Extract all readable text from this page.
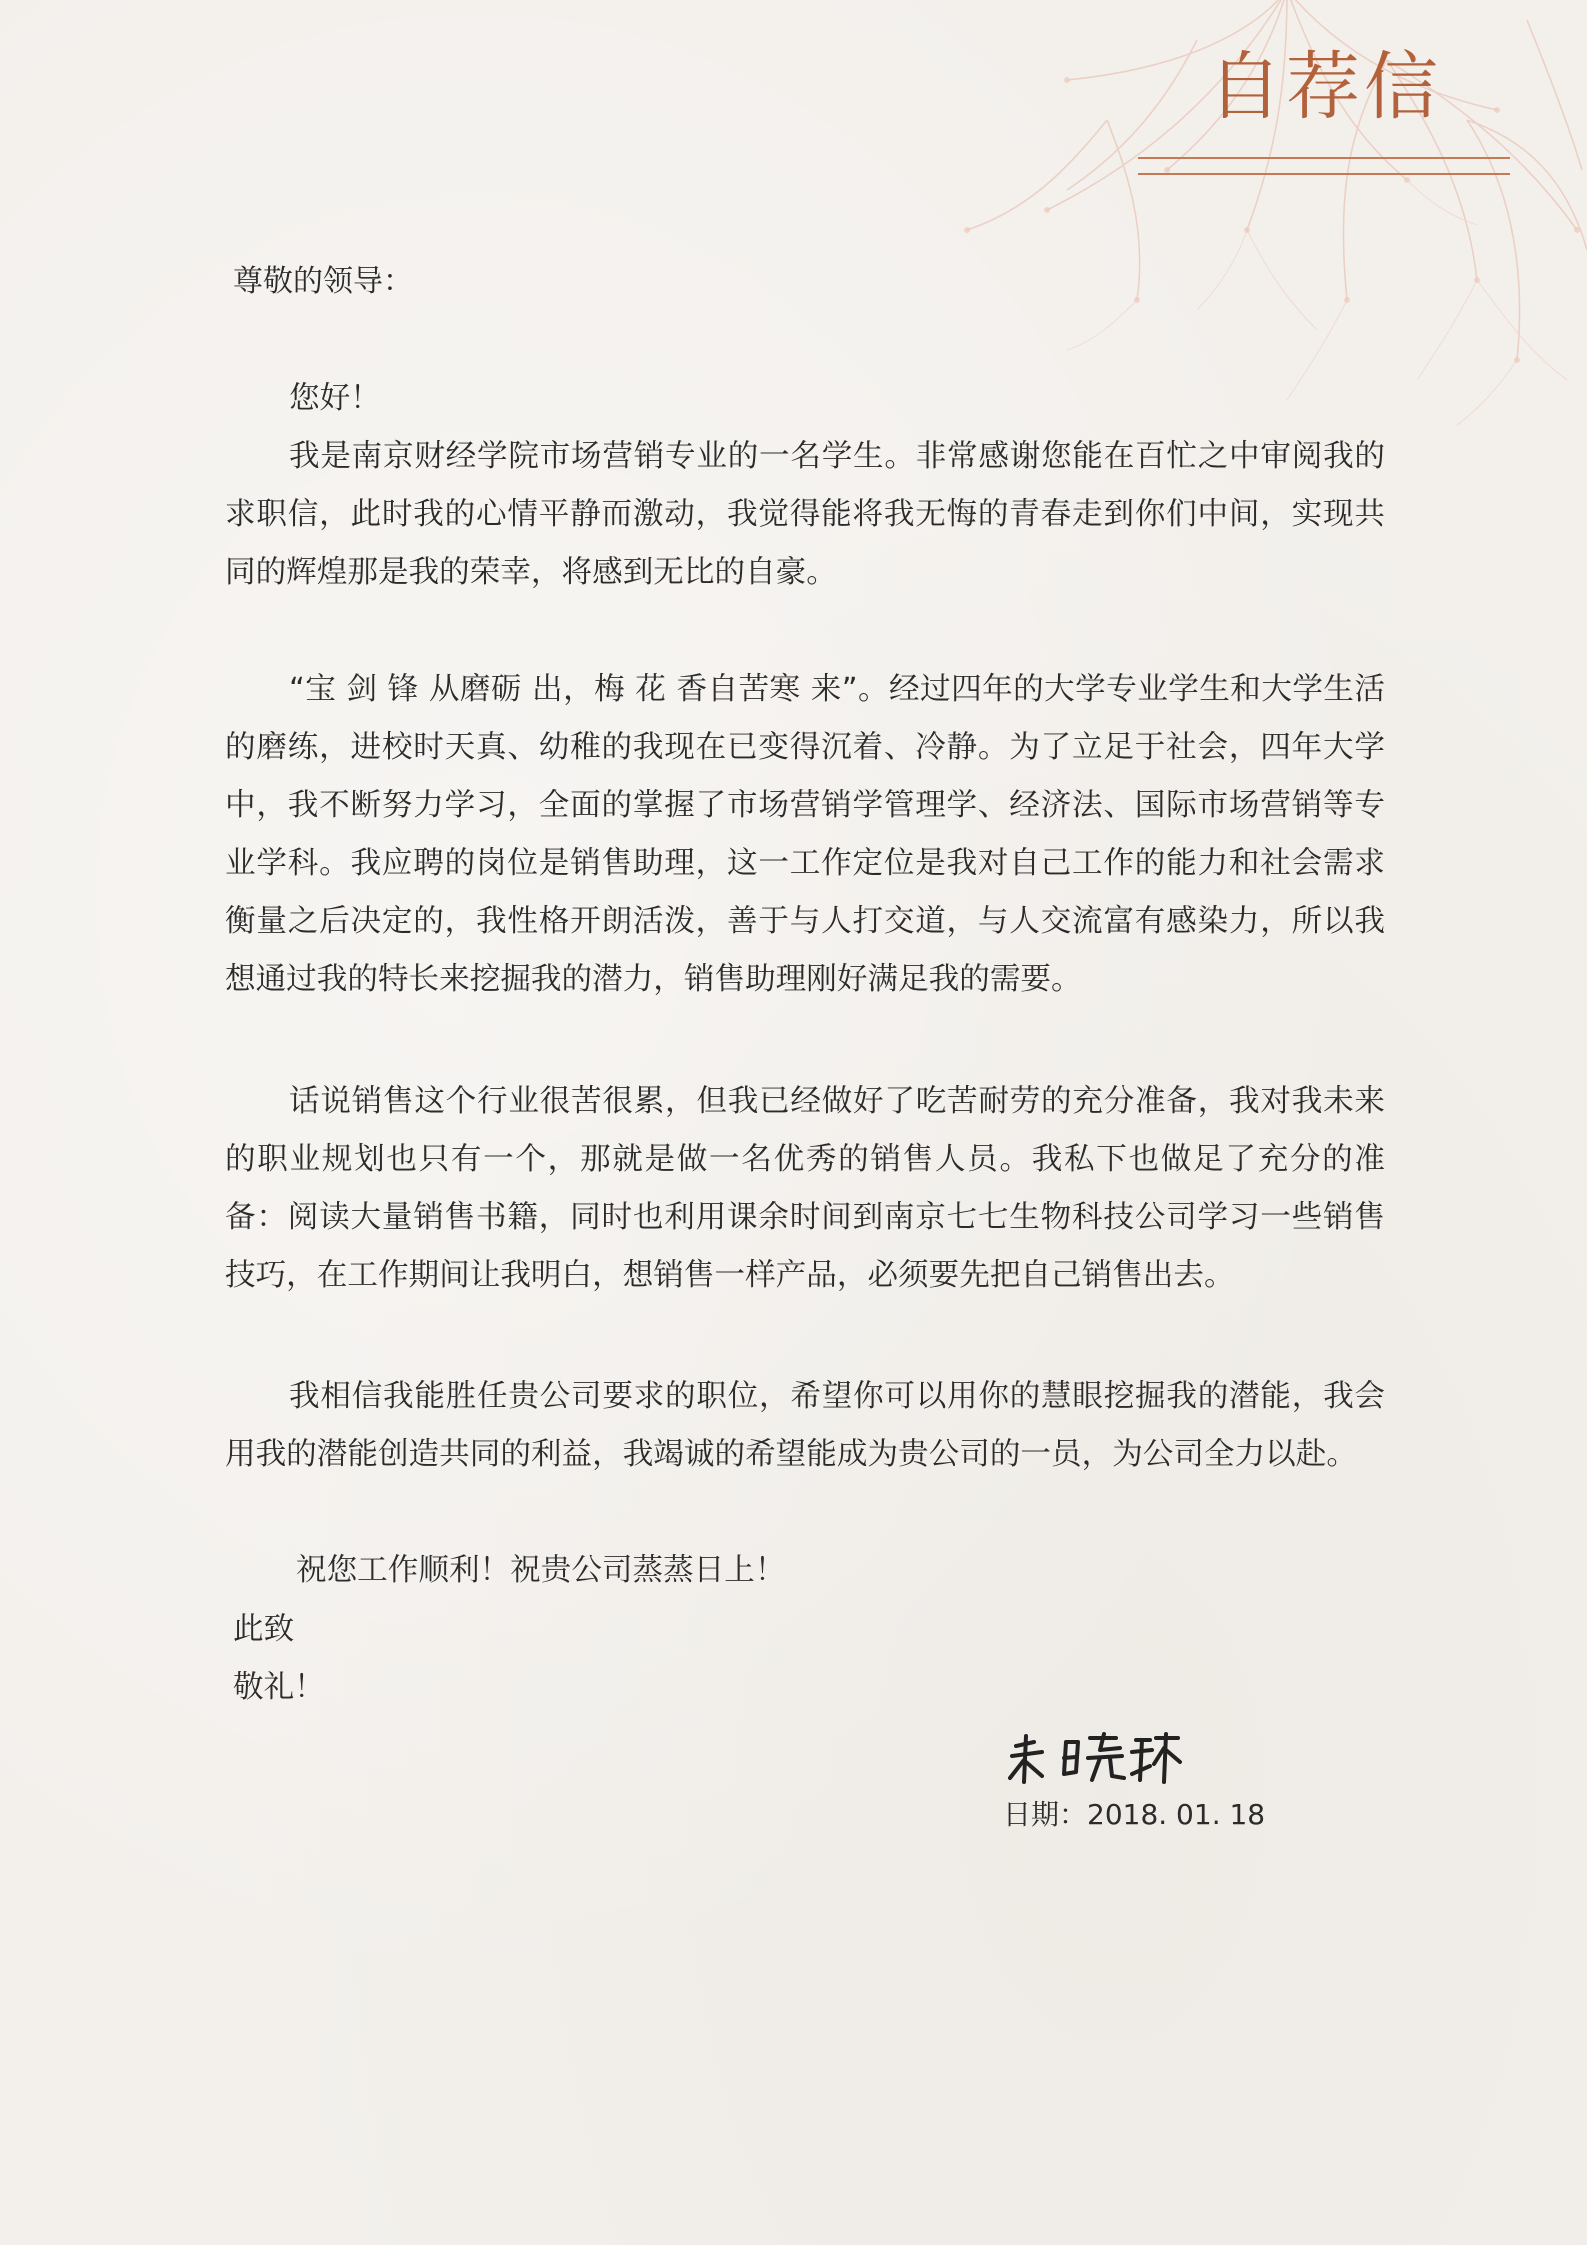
自荐信
尊敬的领导：

您好！

我是南京财经学院市场营销专业的一名学生。非常感谢您能在百忙之中审阅我的求职信，此时我的心情平静而激动，我觉得能将我无悔的青春走到你们中间，实现共同的辉煌那是我的荣幸，将感到无比的自豪。

“宝 剑 锋 从磨砺 出，梅 花 香自苦寒 来”。经过四年的大学专业学生和大学生活的磨练，进校时天真、幼稚的我现在已变得沉着、冷静。为了立足于社会，四年大学中，我不断努力学习，全面的掌握了市场营销学管理学、经济法、国际市场营销等专业学科。我应聘的岗位是销售助理，这一工作定位是我对自己工作的能力和社会需求衡量之后决定的，我性格开朗活泼，善于与人打交道，与人交流富有感染力，所以我想通过我的特长来挖掘我的潜力，销售助理刚好满足我的需要。

话说销售这个行业很苦很累，但我已经做好了吃苦耐劳的充分准备，我对我未来的职业规划也只有一个，那就是做一名优秀的销售人员。我私下也做足了充分的准备：阅读大量销售书籍，同时也利用课余时间到南京七七生物科技公司学习一些销售技巧，在工作期间让我明白，想销售一样产品，必须要先把自己销售出去。

我相信我能胜任贵公司要求的职位，希望你可以用你的慧眼挖掘我的潜能，我会用我的潜能创造共同的利益，我竭诚的希望能成为贵公司的一员，为公司全力以赴。

祝您工作顺利！祝贵公司蒸蒸日上！
此致
敬礼！
日期：2018. 01. 18
